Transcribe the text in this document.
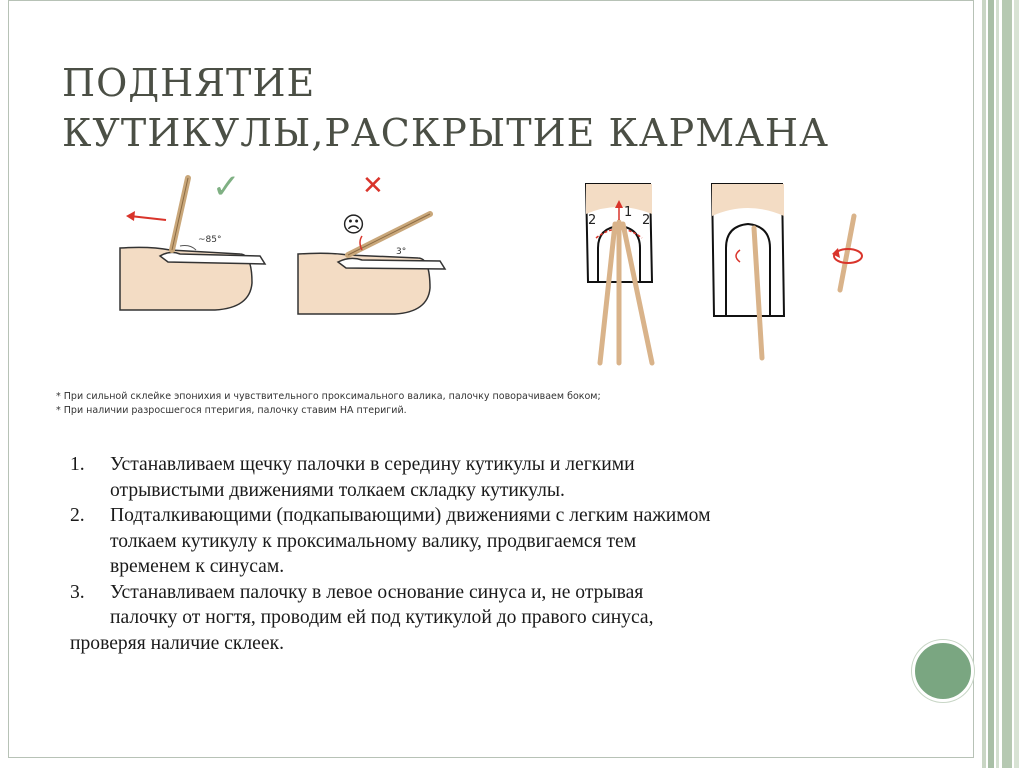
ПОДНЯТИЕ
КУТИКУЛЫ,РАСКРЫТИЕ КАРМАНА
~85°
✓
3°
✕
☹	2
1
2
* При сильной склейке эпонихия и чувствительного проксимального валика, палочку поворачиваем боком;
* При наличии разросшегося птеригия, палочку ставим НА птеригий.
1. Устанавливаем щечку палочки в середину кутикулы и легкими
отрывистыми движениями толкаем складку кутикулы.
2. Подталкивающими (подкапывающими) движениями с легким нажимом
толкаем кутикулу к проксимальному валику, продвигаемся тем
временем к синусам.
3. Устанавливаем палочку в левое основание синуса и, не отрывая
палочку от ногтя, проводим ей под кутикулой до правого синуса,
проверяя наличие склеек.
